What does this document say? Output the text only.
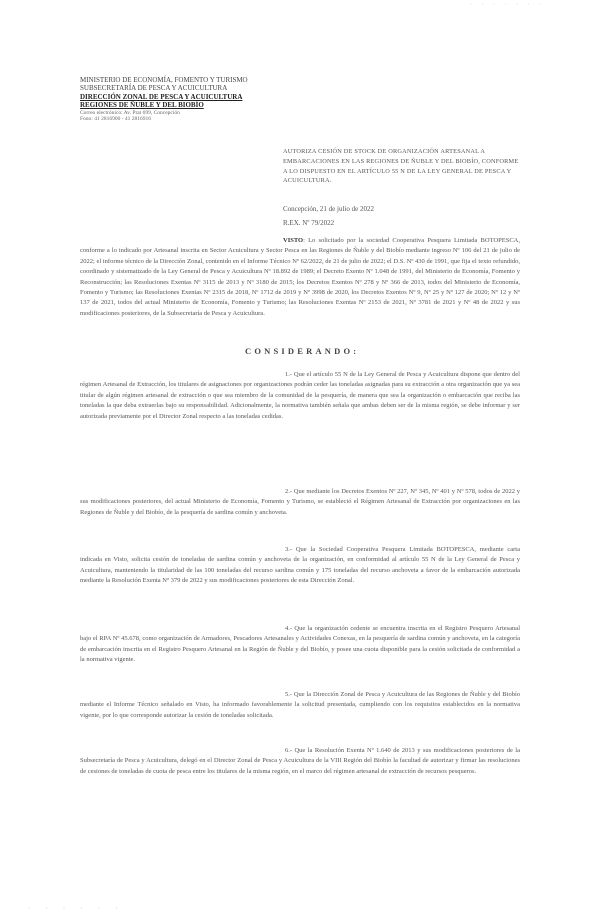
· · · · · · ·
MINISTERIO DE ECONOMÍA, FOMENTO Y TURISMO
SUBSECRETARÍA DE PESCA Y ACUICULTURA
DIRECCIÓN ZONAL DE PESCA Y ACUICULTURA
REGIONES DE ÑUBLE Y DEL BIOBÍO
Correo electrónico: Av. Prat 699, Concepción
Fono: 41 2816900 - 41 2816916
AUTORIZA CESIÓN DE STOCK DE ORGANIZACIÓN ARTESANAL A EMBARCACIONES EN LAS REGIONES DE ÑUBLE Y DEL BIOBÍO, CONFORME A LO DISPUESTO EN EL ARTÍCULO 55 N DE LA LEY GENERAL DE PESCA Y ACUICULTURA.
Concepción, 21 de julio de 2022
R.EX. Nº 79/2022
VISTO: Lo solicitado por la sociedad Cooperativa Pesquera Limitada BOTOPESCA, conforme a lo indicado por Artesanal inscrita en Sector Acuicultura y Sector Pesca en las Regiones de Ñuble y del Biobío mediante ingreso Nº 106 del 21 de julio de 2022; el informe técnico de la Dirección Zonal, contenido en el Informe Técnico Nº 62/2022, de 21 de julio de 2022; el D.S. Nº 430 de 1991, que fija el texto refundido, coordinado y sistematizado de la Ley General de Pesca y Acuicultura Nº 18.892 de 1989; el Decreto Exento Nº 1.048 de 1991, del Ministerio de Economía, Fomento y Reconstrucción; las Resoluciones Exentas Nº 3115 de 2013 y Nº 3180 de 2015; los Decretos Exentos Nº 278 y Nº 366 de 2013, todos del Ministerio de Economía, Fomento y Turismo; las Resoluciones Exentas Nº 2315 de 2018, Nº 1712 de 2019 y Nº 3998 de 2020, los Decretos Exentos Nº 9, Nº 25 y Nº 127 de 2020; Nº 12 y Nº 137 de 2021, todos del actual Ministerio de Economía, Fomento y Turismo; las Resoluciones Exentas Nº 2153 de 2021, Nº 3781 de 2021 y Nº 48 de 2022 y sus modificaciones posteriores, de la Subsecretaría de Pesca y Acuicultura.
CONSIDERANDO:
1.- Que el artículo 55 N de la Ley General de Pesca y Acuicultura dispone que dentro del régimen Artesanal de Extracción, los titulares de asignaciones por organizaciones podrán ceder las toneladas asignadas para su extracción a otra organización que ya sea titular de algún régimen artesanal de extracción o que sea miembro de la comunidad de la pesquería, de manera que sea la organización o embarcación que reciba las toneladas la que deba extraerlas bajo su responsabilidad. Adicionalmente, la normativa también señala que ambas deben ser de la misma región, se debe informar y ser autorizada previamente por el Director Zonal respecto a las toneladas cedidas.
2.- Que mediante los Decretos Exentos Nº 227, Nº 345, Nº 401 y Nº 578, todos de 2022 y sus modificaciones posteriores, del actual Ministerio de Economía, Fomento y Turismo, se estableció el Régimen Artesanal de Extracción por organizaciones en las Regiones de Ñuble y del Biobío, de la pesquería de sardina común y anchoveta.
3.- Que la Sociedad Cooperativa Pesquera Limitada BOTOPESCA, mediante carta indicada en Visto, solicita cesión de toneladas de sardina común y anchoveta de la organización, en conformidad al artículo 55 N de la Ley General de Pesca y Acuicultura, manteniendo la titularidad de las 100 toneladas del recurso sardina común y 175 toneladas del recurso anchoveta a favor de la embarcación autorizada mediante la Resolución Exenta Nº 379 de 2022 y sus modificaciones posteriores de esta Dirección Zonal.
4.- Que la organización cedente se encuentra inscrita en el Registro Pesquero Artesanal bajo el RPA Nº 45.678, como organización de Armadores, Pescadores Artesanales y Actividades Conexas, en la pesquería de sardina común y anchoveta, en la categoría de embarcación inscrita en el Registro Pesquero Artesanal en la Región de Ñuble y del Biobío, y posee una cuota disponible para la cesión solicitada de conformidad a la normativa vigente.
5.- Que la Dirección Zonal de Pesca y Acuicultura de las Regiones de Ñuble y del Biobío mediante el Informe Técnico señalado en Visto, ha informado favorablemente la solicitud presentada, cumpliendo con los requisitos establecidos en la normativa vigente, por lo que corresponde autorizar la cesión de toneladas solicitada.
6.- Que la Resolución Exenta Nº 1.640 de 2013 y sus modificaciones posteriores de la Subsecretaría de Pesca y Acuicultura, delegó en el Director Zonal de Pesca y Acuicultura de la VIII Región del Biobío la facultad de autorizar y firmar las resoluciones de cesiones de toneladas de cuota de pesca entre los titulares de la misma región, en el marco del régimen artesanal de extracción de recursos pesqueros.
· · · · · ·
